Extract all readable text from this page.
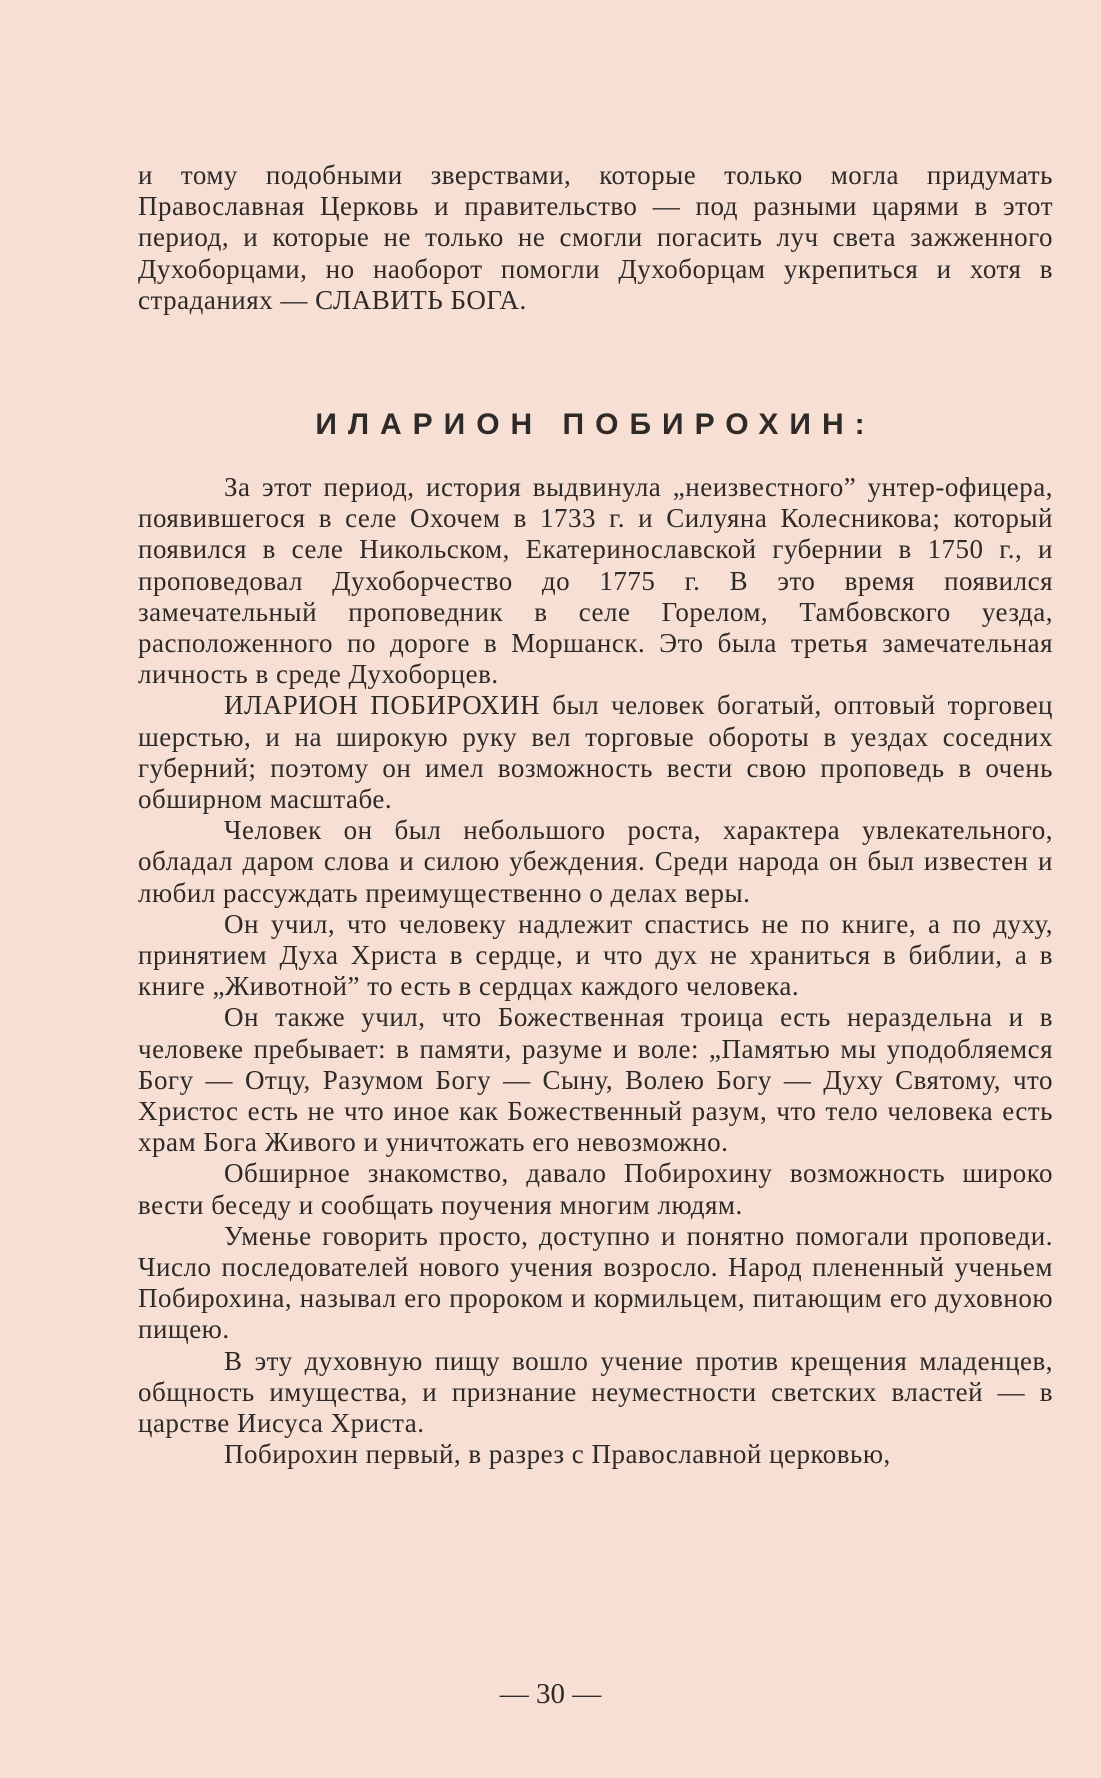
и тому подобными зверствами, которые только могла придумать Православная Церковь и правительство — под разными царями в этот период, и которые не только не смогли погасить луч света зажженного Духоборцами, но наоборот помогли Духоборцам укрепиться и хотя в страданиях — СЛАВИТЬ БОГА.

ИЛАРИОН ПОБИРОХИН:

За этот период, история выдвинула „неизвестного” унтер-офицера, появившегося в селе Охочем в 1733 г. и Силуяна Колесникова; который появился в селе Никольском, Екатеринославской губернии в 1750 г., и проповедовал Духоборчество до 1775 г. В это время появился замечательный проповедник в селе Горелом, Тамбовского уезда, расположенного по дороге в Моршанск. Это была третья замечательная личность в среде Духоборцев.

ИЛАРИОН ПОБИРОХИН был человек богатый, оптовый торговец шерстью, и на широкую руку вел торговые обороты в уездах соседних губерний; поэтому он имел возможность вести свою проповедь в очень обширном масштабе.

Человек он был небольшого роста, характера увлекательного, обладал даром слова и силою убеждения. Среди народа он был известен и любил рассуждать преимущественно о делах веры.

Он учил, что человеку надлежит спастись не по книге, а по духу, принятием Духа Христа в сердце, и что дух не храниться в библии, а в книге „Животной” то есть в сердцах каждого человека.

Он также учил, что Божественная троица есть нераздельна и в человеке пребывает: в памяти, разуме и воле: „Памятью мы уподобляемся Богу — Отцу, Разумом Богу — Сыну, Волею Богу — Духу Святому, что Христос есть не что иное как Божественный разум, что тело человека есть храм Бога Живого и уничтожать его невозможно.

Обширное знакомство, давало Побирохину возможность широко вести беседу и сообщать поучения многим людям.

Уменье говорить просто, доступно и понятно помогали проповеди. Число последователей нового учения возросло. Народ плененный ученьем Побирохина, называл его пророком и кормильцем, питающим его духовною пищею.

В эту духовную пищу вошло учение против крещения младенцев, общность имущества, и признание неуместности светских властей — в царстве Иисуса Христа.

Побирохин первый, в разрез с Православной церковью,

— 30 —
